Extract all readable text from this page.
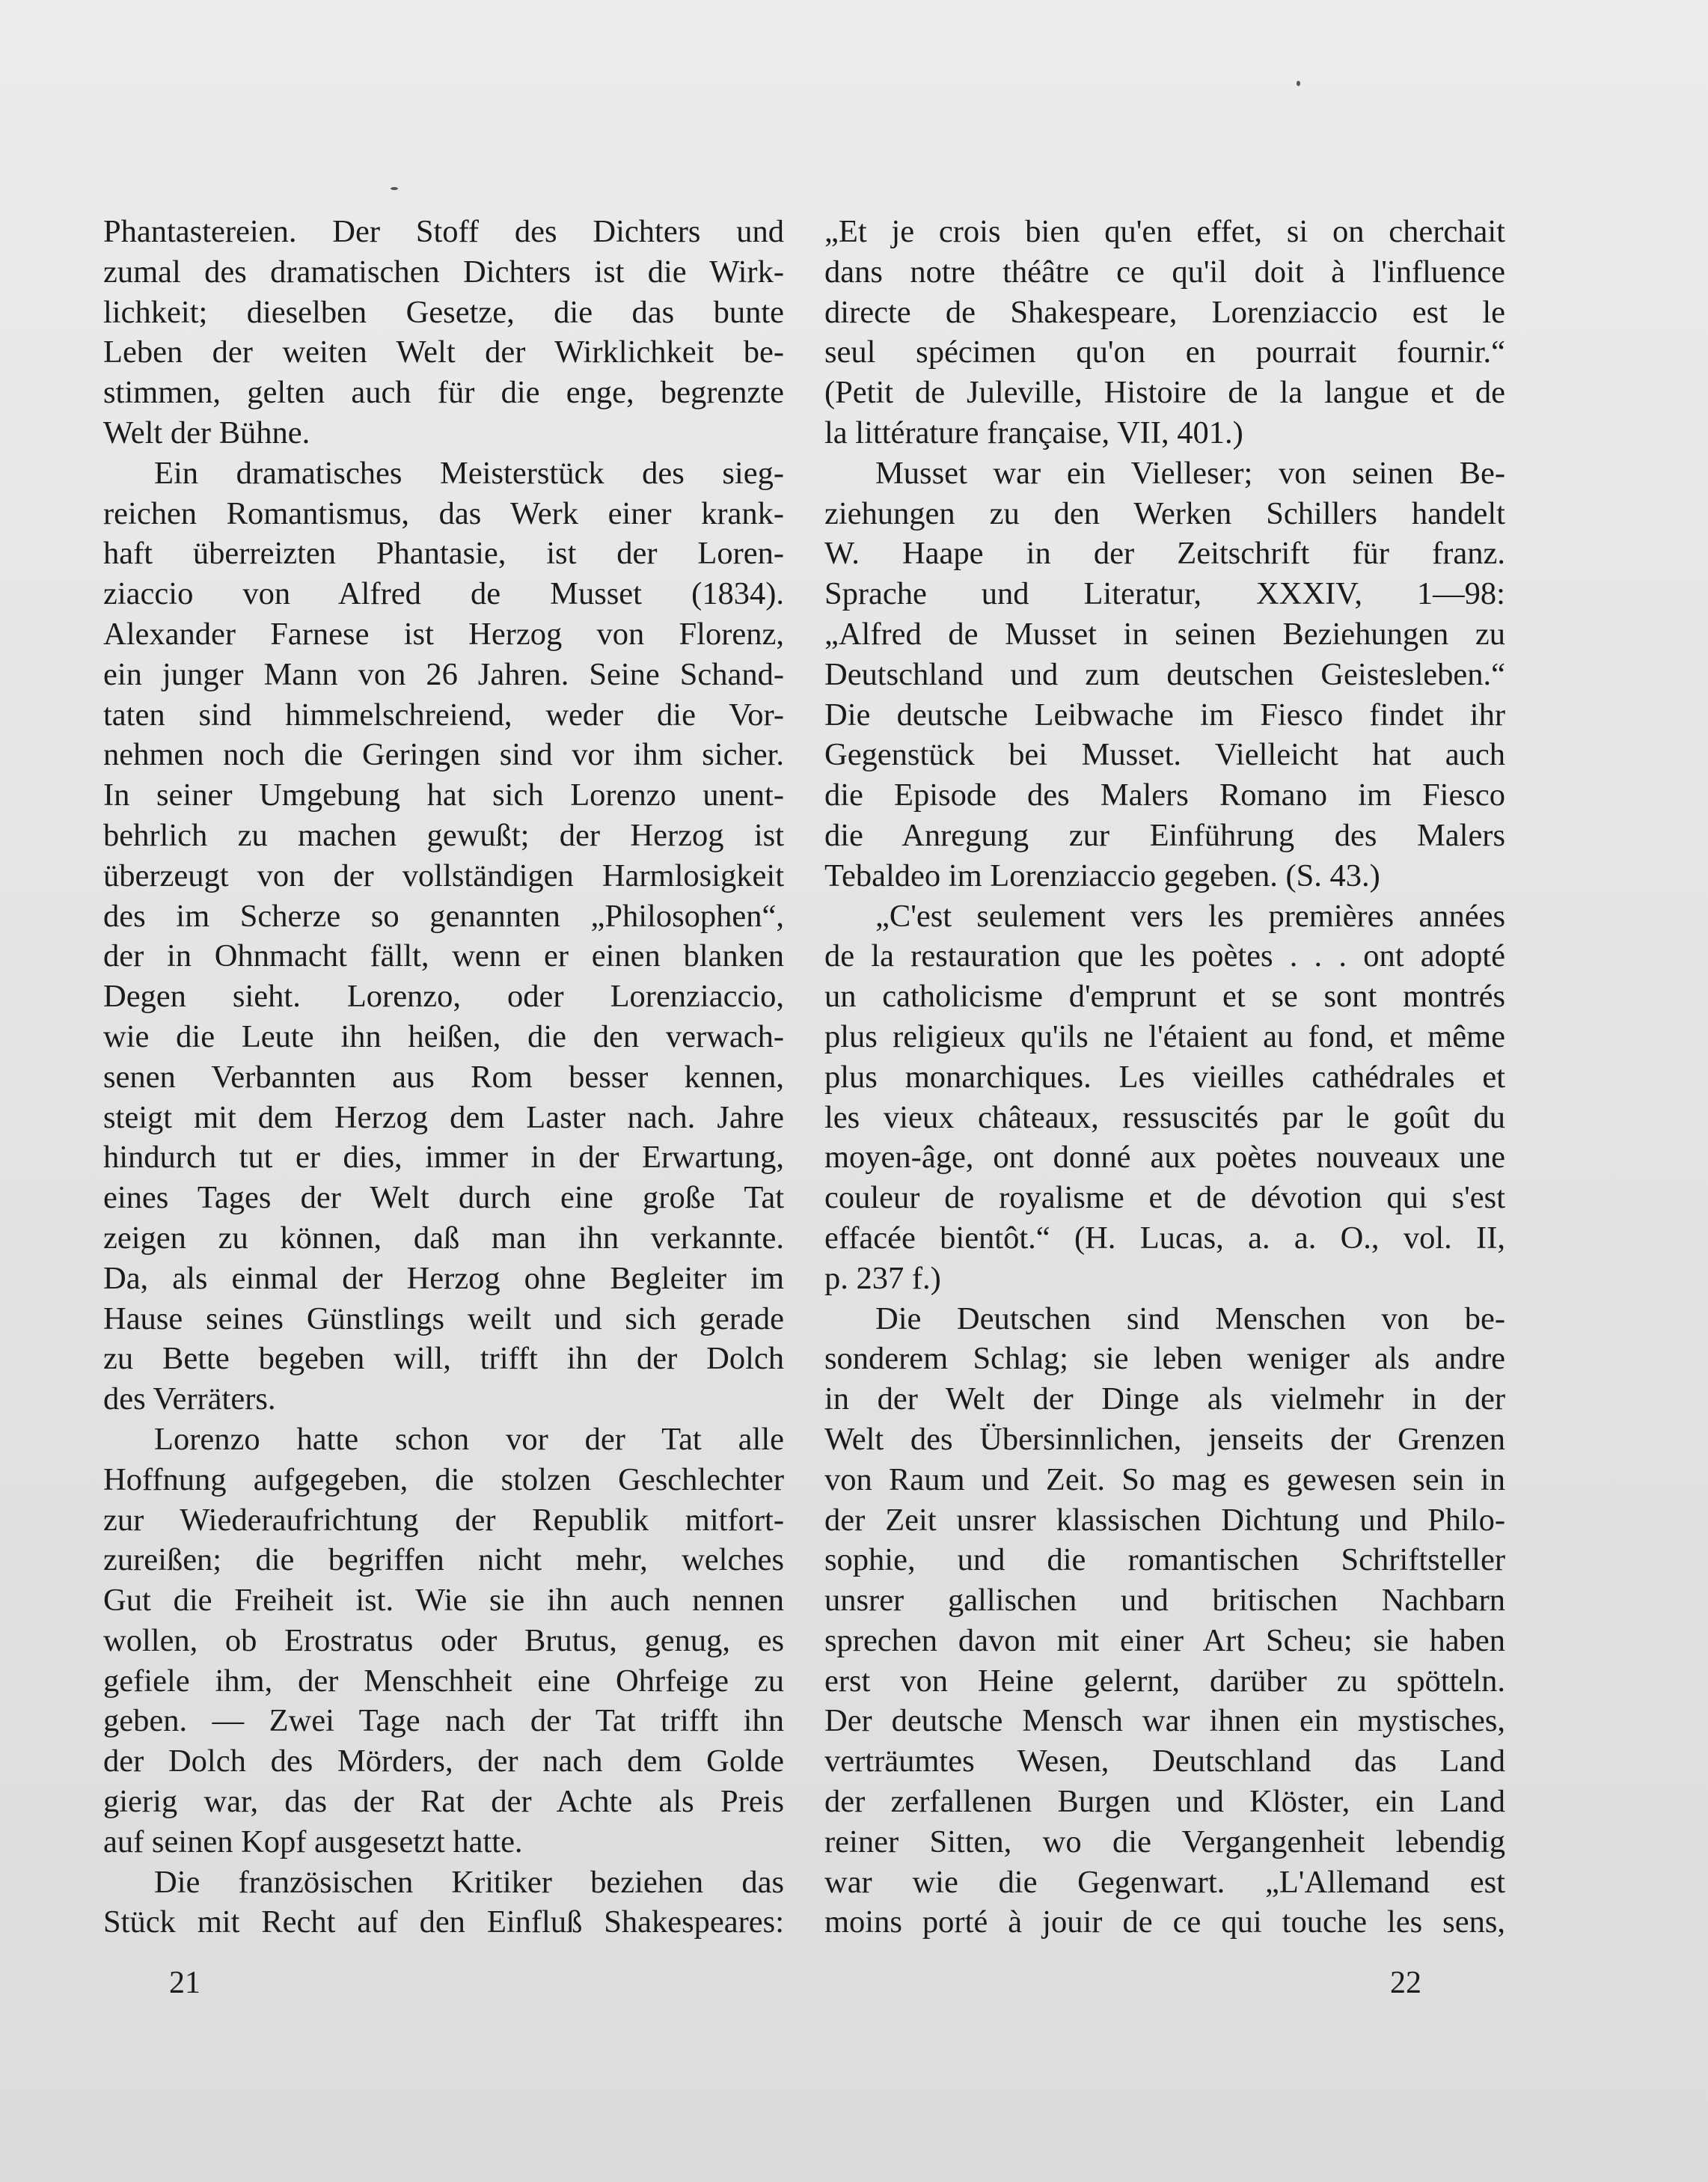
Phantastereien. Der Stoff des Dichters und
zumal des dramatischen Dichters ist die Wirk-
lichkeit; dieselben Gesetze, die das bunte
Leben der weiten Welt der Wirklichkeit be-
stimmen, gelten auch für die enge, begrenzte
Welt der Bühne.
Ein dramatisches Meisterstück des sieg-
reichen Romantismus, das Werk einer krank-
haft überreizten Phantasie, ist der Loren-
ziaccio von Alfred de Musset (1834).
Alexander Farnese ist Herzog von Florenz,
ein junger Mann von 26 Jahren. Seine Schand-
taten sind himmelschreiend, weder die Vor-
nehmen noch die Geringen sind vor ihm sicher.
In seiner Umgebung hat sich Lorenzo unent-
behrlich zu machen gewußt; der Herzog ist
überzeugt von der vollständigen Harmlosigkeit
des im Scherze so genannten „Philosophen“,
der in Ohnmacht fällt, wenn er einen blanken
Degen sieht. Lorenzo, oder Lorenziaccio,
wie die Leute ihn heißen, die den verwach-
senen Verbannten aus Rom besser kennen,
steigt mit dem Herzog dem Laster nach. Jahre
hindurch tut er dies, immer in der Erwartung,
eines Tages der Welt durch eine große Tat
zeigen zu können, daß man ihn verkannte.
Da, als einmal der Herzog ohne Begleiter im
Hause seines Günstlings weilt und sich gerade
zu Bette begeben will, trifft ihn der Dolch
des Verräters.
Lorenzo hatte schon vor der Tat alle
Hoffnung aufgegeben, die stolzen Geschlechter
zur Wiederaufrichtung der Republik mitfort-
zureißen; die begriffen nicht mehr, welches
Gut die Freiheit ist. Wie sie ihn auch nennen
wollen, ob Erostratus oder Brutus, genug, es
gefiele ihm, der Menschheit eine Ohrfeige zu
geben. — Zwei Tage nach der Tat trifft ihn
der Dolch des Mörders, der nach dem Golde
gierig war, das der Rat der Achte als Preis
auf seinen Kopf ausgesetzt hatte.
Die französischen Kritiker beziehen das
Stück mit Recht auf den Einfluß Shakespeares:
„Et je crois bien qu'en effet, si on cherchait
dans notre théâtre ce qu'il doit à l'influence
directe de Shakespeare, Lorenziaccio est le
seul spécimen qu'on en pourrait fournir.“
(Petit de Juleville, Histoire de la langue et de
la littérature française, VII, 401.)
Musset war ein Vielleser; von seinen Be-
ziehungen zu den Werken Schillers handelt
W. Haape in der Zeitschrift für franz.
Sprache und Literatur, XXXIV, 1—98:
„Alfred de Musset in seinen Beziehungen zu
Deutschland und zum deutschen Geistesleben.“
Die deutsche Leibwache im Fiesco findet ihr
Gegenstück bei Musset. Vielleicht hat auch
die Episode des Malers Romano im Fiesco
die Anregung zur Einführung des Malers
Tebaldeo im Lorenziaccio gegeben. (S. 43.)
„C'est seulement vers les premières années
de la restauration que les poètes . . . ont adopté
un catholicisme d'emprunt et se sont montrés
plus religieux qu'ils ne l'étaient au fond, et même
plus monarchiques. Les vieilles cathédrales et
les vieux châteaux, ressuscités par le goût du
moyen-âge, ont donné aux poètes nouveaux une
couleur de royalisme et de dévotion qui s'est
effacée bientôt.“ (H. Lucas, a. a. O., vol. II,
p. 237 f.)
Die Deutschen sind Menschen von be-
sonderem Schlag; sie leben weniger als andre
in der Welt der Dinge als vielmehr in der
Welt des Übersinnlichen, jenseits der Grenzen
von Raum und Zeit. So mag es gewesen sein in
der Zeit unsrer klassischen Dichtung und Philo-
sophie, und die romantischen Schriftsteller
unsrer gallischen und britischen Nachbarn
sprechen davon mit einer Art Scheu; sie haben
erst von Heine gelernt, darüber zu spötteln.
Der deutsche Mensch war ihnen ein mystisches,
verträumtes Wesen, Deutschland das Land
der zerfallenen Burgen und Klöster, ein Land
reiner Sitten, wo die Vergangenheit lebendig
war wie die Gegenwart. „L'Allemand est
moins porté à jouir de ce qui touche les sens,
21	22
